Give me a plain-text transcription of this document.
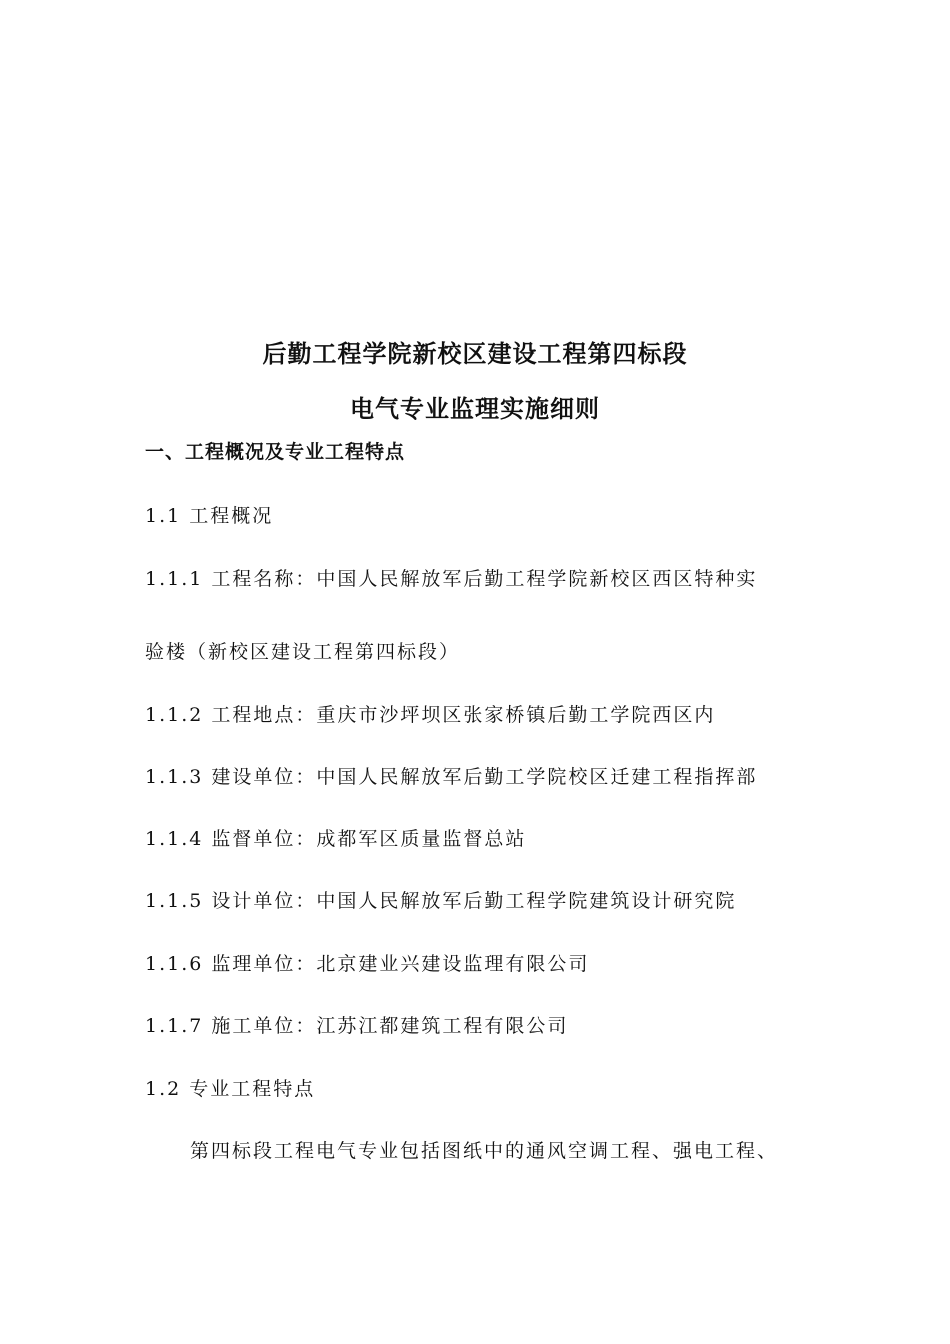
后勤工程学院新校区建设工程第四标段
电气专业监理实施细则
一、工程概况及专业工程特点
1.1 工程概况
1.1.1 工程名称：中国人民解放军后勤工程学院新校区西区特种实
验楼（新校区建设工程第四标段）
1.1.2 工程地点：重庆市沙坪坝区张家桥镇后勤工学院西区内
1.1.3 建设单位：中国人民解放军后勤工学院校区迁建工程指挥部
1.1.4 监督单位：成都军区质量监督总站
1.1.5 设计单位：中国人民解放军后勤工程学院建筑设计研究院
1.1.6 监理单位：北京建业兴建设监理有限公司
1.1.7 施工单位：江苏江都建筑工程有限公司
1.2 专业工程特点
第四标段工程电气专业包括图纸中的通风空调工程、强电工程、
